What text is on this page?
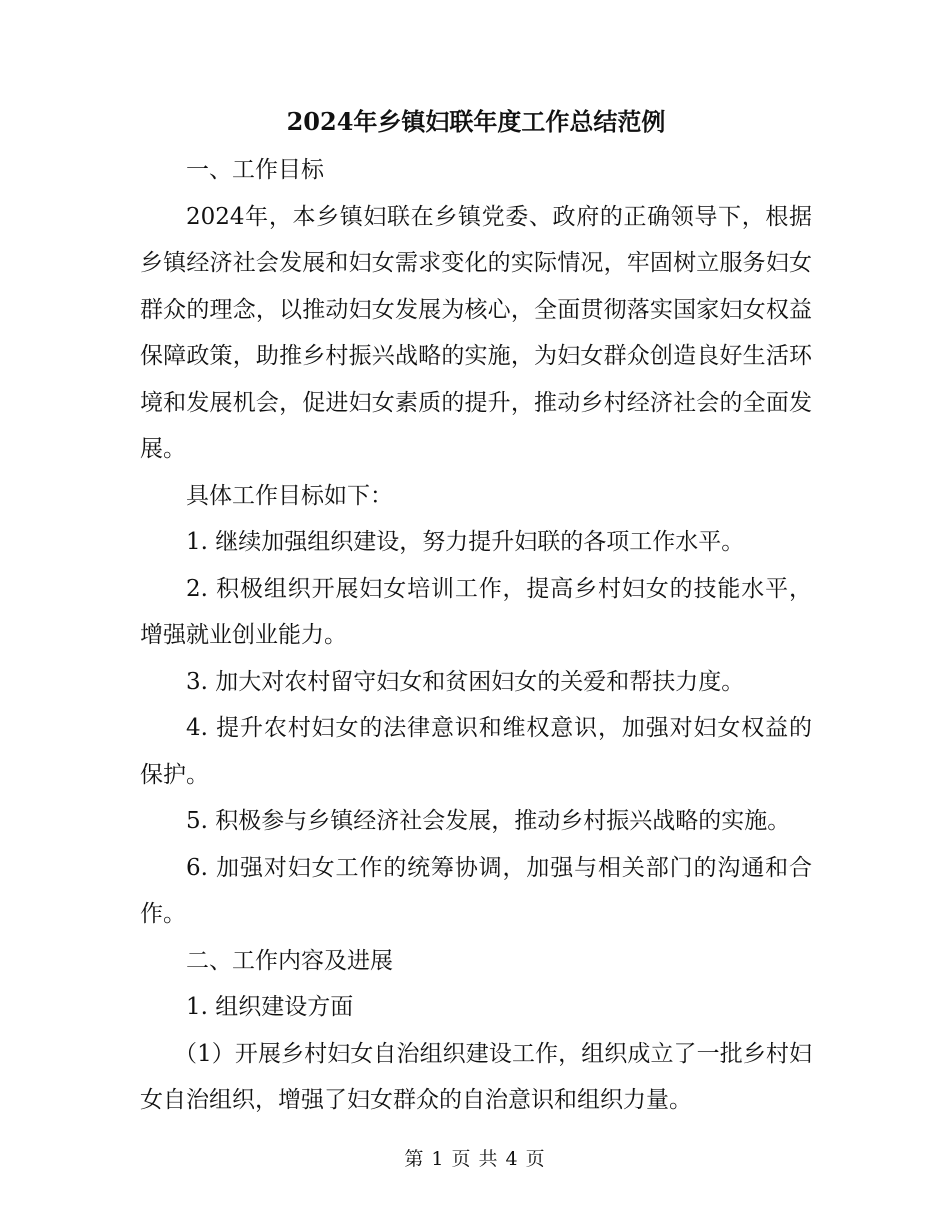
2024年乡镇妇联年度工作总结范例

一、工作目标

2024年，本乡镇妇联在乡镇党委、政府的正确领导下，根据乡镇经济社会发展和妇女需求变化的实际情况，牢固树立服务妇女群众的理念，以推动妇女发展为核心，全面贯彻落实国家妇女权益保障政策，助推乡村振兴战略的实施，为妇女群众创造良好生活环境和发展机会，促进妇女素质的提升，推动乡村经济社会的全面发展。

具体工作目标如下：

1. 继续加强组织建设，努力提升妇联的各项工作水平。

2. 积极组织开展妇女培训工作，提高乡村妇女的技能水平，增强就业创业能力。

3. 加大对农村留守妇女和贫困妇女的关爱和帮扶力度。

4. 提升农村妇女的法律意识和维权意识，加强对妇女权益的保护。

5. 积极参与乡镇经济社会发展，推动乡村振兴战略的实施。

6. 加强对妇女工作的统筹协调，加强与相关部门的沟通和合作。

二、工作内容及进展

1. 组织建设方面

（1）开展乡村妇女自治组织建设工作，组织成立了一批乡村妇女自治组织，增强了妇女群众的自治意识和组织力量。

第 1 页 共 4 页
